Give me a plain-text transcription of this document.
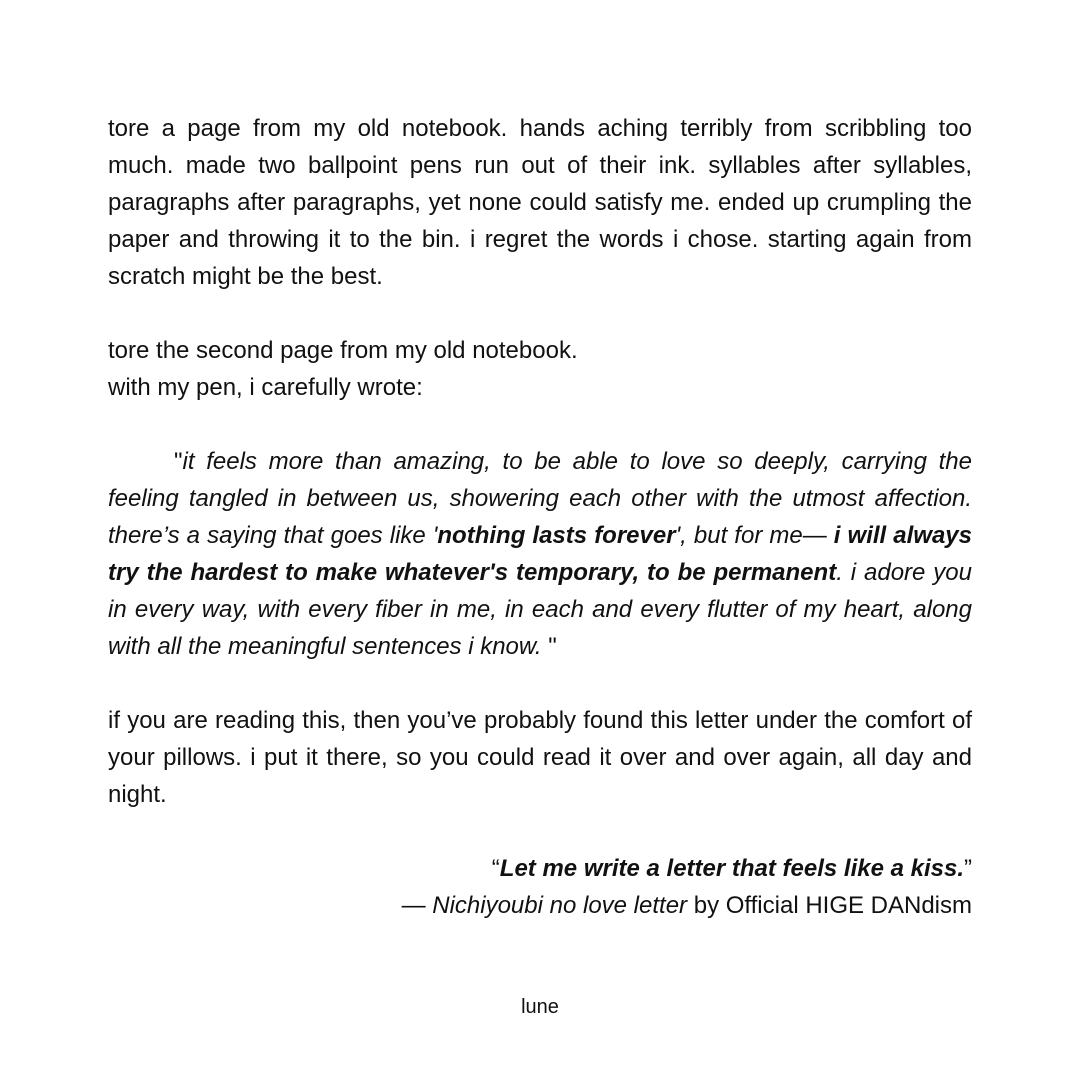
tore a page from my old notebook. hands aching terribly from scribbling too much. made two ballpoint pens run out of their ink. syllables after syllables, paragraphs after paragraphs, yet none could satisfy me. ended up crumpling the paper and throwing it to the bin. i regret the words i chose. starting again from scratch might be the best.

tore the second page from my old notebook.
with my pen, i carefully wrote:

"it feels more than amazing, to be able to love so deeply, carrying the feeling tangled in between us, showering each other with the utmost affection. there’s a saying that goes like 'nothing lasts forever', but for me— i will always try the hardest to make whatever's temporary, to be permanent. i adore you in every way, with every fiber in me, in each and every flutter of my heart, along with all the meaningful sentences i know. "

if you are reading this, then you’ve probably found this letter under the comfort of your pillows. i put it there, so you could read it over and over again, all day and night.

“Let me write a letter that feels like a kiss.”
— Nichiyoubi no love letter by Official HIGE DANdism

lune
